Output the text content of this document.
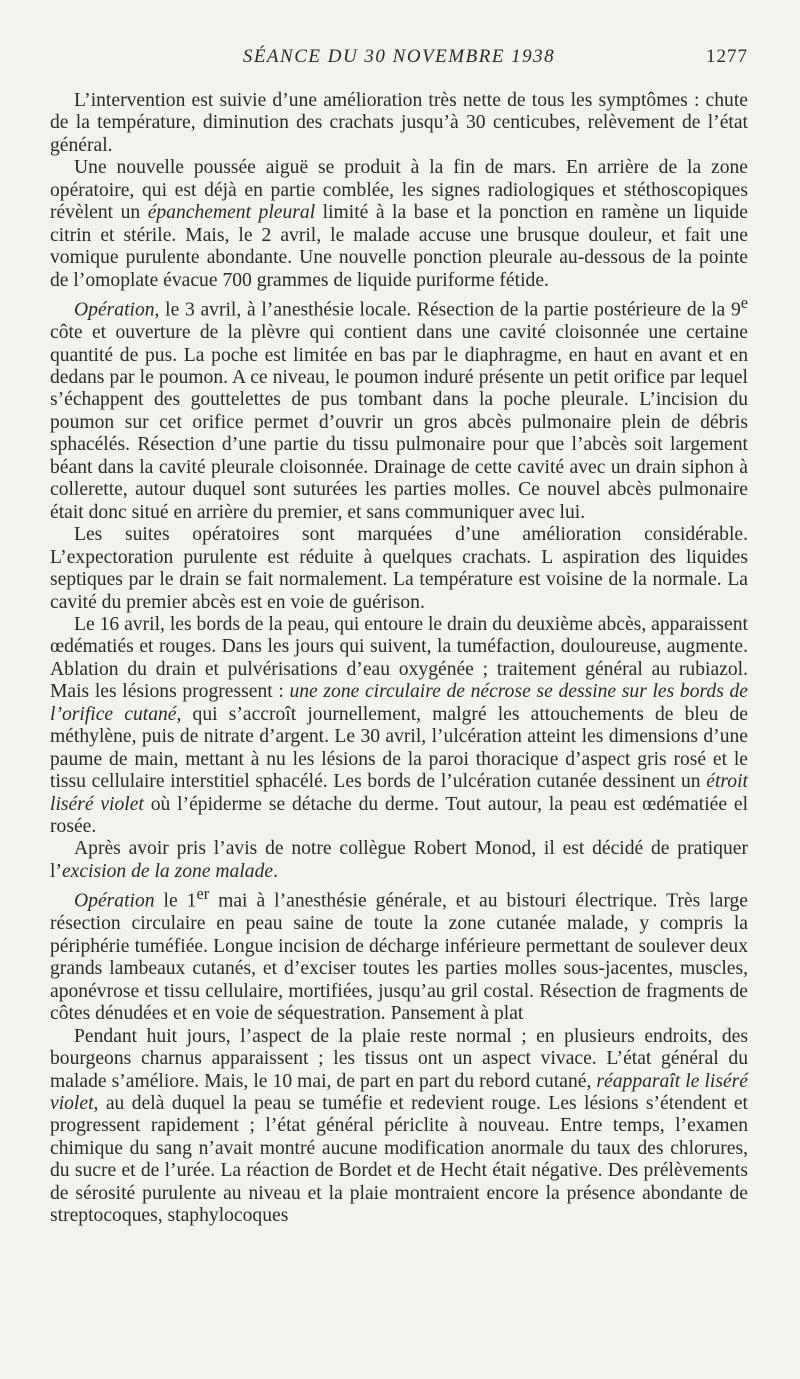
SÉANCE DU 30 NOVEMBRE 1938	1277

L’intervention est suivie d’une amélioration très nette de tous les symptômes : chute de la température, diminution des crachats jusqu’à 30 centicubes, relèvement de l’état général.

Une nouvelle poussée aiguë se produit à la fin de mars. En arrière de la zone opératoire, qui est déjà en partie comblée, les signes radiologiques et stéthoscopiques révèlent un épanchement pleural limité à la base et la ponction en ramène un liquide citrin et stérile. Mais, le 2 avril, le malade accuse une brusque douleur, et fait une vomique purulente abondante. Une nouvelle ponction pleurale au-dessous de la pointe de l’omoplate évacue 700 grammes de liquide puriforme fétide.

Opération, le 3 avril, à l’anesthésie locale. Résection de la partie postérieure de la 9e côte et ouverture de la plèvre qui contient dans une cavité cloisonnée une certaine quantité de pus. La poche est limitée en bas par le diaphragme, en haut en avant et en dedans par le poumon. A ce niveau, le poumon induré présente un petit orifice par lequel s’échappent des gouttelettes de pus tombant dans la poche pleurale. L’incision du poumon sur cet orifice permet d’ouvrir un gros abcès pulmonaire plein de débris sphacélés. Résection d’une partie du tissu pulmonaire pour que l’abcès soit largement béant dans la cavité pleurale cloisonnée. Drainage de cette cavité avec un drain siphon à collerette, autour duquel sont suturées les parties molles. Ce nouvel abcès pulmonaire était donc situé en arrière du premier, et sans communiquer avec lui.

Les suites opératoires sont marquées d’une amélioration considérable. L’expectoration purulente est réduite à quelques crachats. L aspiration des liquides septiques par le drain se fait normalement. La température est voisine de la normale. La cavité du premier abcès est en voie de guérison.

Le 16 avril, les bords de la peau, qui entoure le drain du deuxième abcès, apparaissent œdématiés et rouges. Dans les jours qui suivent, la tuméfaction, douloureuse, augmente. Ablation du drain et pulvérisations d’eau oxygénée ; traitement général au rubiazol. Mais les lésions progressent : une zone circulaire de nécrose se dessine sur les bords de l’orifice cutané, qui s’accroît journellement, malgré les attouchements de bleu de méthylène, puis de nitrate d’argent. Le 30 avril, l’ulcération atteint les dimensions d’une paume de main, mettant à nu les lésions de la paroi thoracique d’aspect gris rosé et le tissu cellulaire interstitiel sphacélé. Les bords de l’ulcération cutanée dessinent un étroit liséré violet où l’épiderme se détache du derme. Tout autour, la peau est œdématiée el rosée.

Après avoir pris l’avis de notre collègue Robert Monod, il est décidé de pratiquer l’excision de la zone malade.

Opération le 1er mai à l’anesthésie générale, et au bistouri électrique. Très large résection circulaire en peau saine de toute la zone cutanée malade, y compris la périphérie tuméfiée. Longue incision de décharge inférieure permettant de soulever deux grands lambeaux cutanés, et d’exciser toutes les parties molles sous-jacentes, muscles, aponévrose et tissu cellulaire, mortifiées, jusqu’au gril costal. Résection de fragments de côtes dénudées et en voie de séquestration. Pansement à plat

Pendant huit jours, l’aspect de la plaie reste normal ; en plusieurs endroits, des bourgeons charnus apparaissent ; les tissus ont un aspect vivace. L’état général du malade s’améliore. Mais, le 10 mai, de part en part du rebord cutané, réapparaît le liséré violet, au delà duquel la peau se tuméfie et redevient rouge. Les lésions s’étendent et progressent rapidement ; l’état général périclite à nouveau. Entre temps, l’examen chimique du sang n’avait montré aucune modification anormale du taux des chlorures, du sucre et de l’urée. La réaction de Bordet et de Hecht était négative. Des prélèvements de sérosité purulente au niveau et la plaie montraient encore la présence abondante de streptocoques, staphylocoques
